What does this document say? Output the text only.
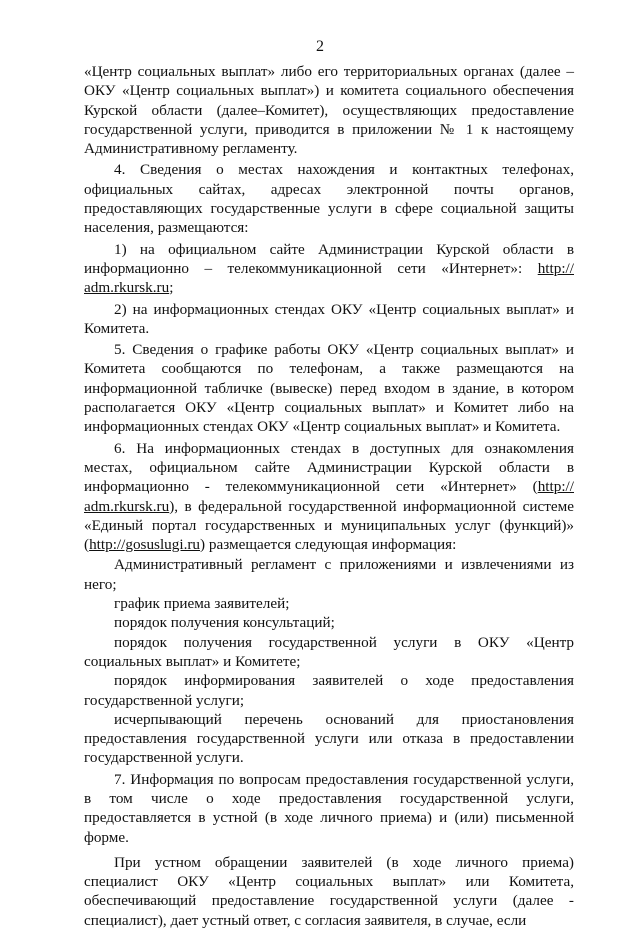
2

«Центр социальных выплат» либо его территориальных органах (далее –
ОКУ «Центр социальных выплат») и комитета социального обеспечения
Курской области (далее–Комитет), осуществляющих предоставление
государственной услуги, приводится в приложении № 1 к настоящему
Административному регламенту.

4. Сведения о местах нахождения и контактных телефонах,
официальных сайтах, адресах электронной почты органов,
предоставляющих государственные услуги в сфере социальной защиты
населения, размещаются:

1) на официальном сайте Администрации Курской области в
информационно – телекоммуникационной сети «Интернет»: http://
adm.rkursk.ru;

2) на информационных стендах ОКУ «Центр социальных выплат» и
Комитета.

5. Сведения о графике работы ОКУ «Центр социальных выплат» и
Комитета сообщаются по телефонам, а также размещаются на
информационной табличке (вывеске) перед входом в здание, в котором
располагается ОКУ «Центр социальных выплат» и Комитет либо на
информационных стендах ОКУ «Центр социальных выплат» и Комитета.

6. На информационных стендах в доступных для ознакомления
местах, официальном сайте Администрации Курской области в
информационно - телекоммуникационной сети «Интернет» (http://
adm.rkursk.ru), в федеральной государственной информационной системе
«Единый портал государственных и муниципальных услуг (функций)»
(http://gosuslugi.ru) размещается следующая информация:

Административный регламент с приложениями и извлечениями из
него;

график приема заявителей;

порядок получения консультаций;

порядок получения государственной услуги в ОКУ «Центр
социальных выплат» и Комитете;

порядок информирования заявителей о ходе предоставления
государственной услуги;

исчерпывающий перечень оснований для приостановления
предоставления государственной услуги или отказа в предоставлении
государственной услуги.

7. Информация по вопросам предоставления государственной услуги,
в том числе о ходе предоставления государственной услуги,
предоставляется в устной (в ходе личного приема) и (или) письменной
форме.

При устном обращении заявителей (в ходе личного приема)
специалист ОКУ «Центр социальных выплат» или Комитета,
обеспечивающий предоставление государственной услуги (далее -
специалист), дает устный ответ, с согласия заявителя, в случае, если
